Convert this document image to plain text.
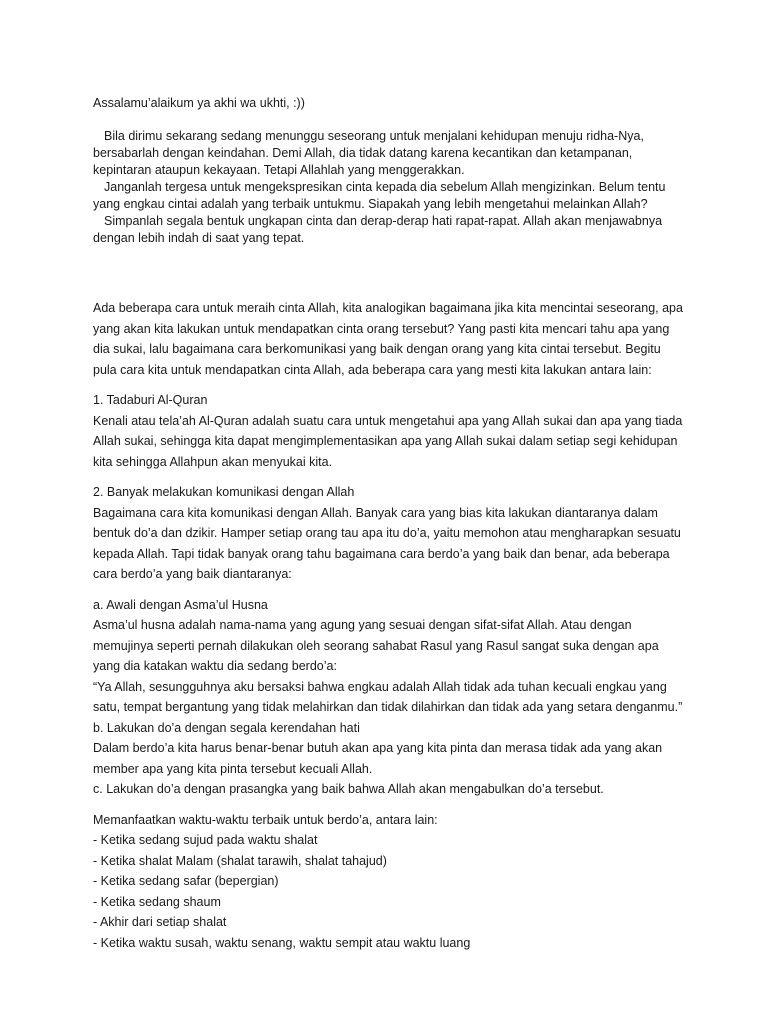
Assalamu’alaikum ya akhi wa ukhti, :))

Bila dirimu sekarang sedang menunggu seseorang untuk menjalani kehidupan menuju ridha-Nya, bersabarlah dengan keindahan. Demi Allah, dia tidak datang karena kecantikan dan ketampanan, kepintaran ataupun kekayaan. Tetapi Allahlah yang menggerakkan.

Janganlah tergesa untuk mengekspresikan cinta kepada dia sebelum Allah mengizinkan. Belum tentu yang engkau cintai adalah yang terbaik untukmu. Siapakah yang lebih mengetahui melainkan Allah?

Simpanlah segala bentuk ungkapan cinta dan derap-derap hati rapat-rapat. Allah akan menjawabnya dengan lebih indah di saat yang tepat.

Ada beberapa cara untuk meraih cinta Allah, kita analogikan bagaimana jika kita mencintai seseorang, apa yang akan kita lakukan untuk mendapatkan cinta orang tersebut? Yang pasti kita mencari tahu apa yang dia sukai, lalu bagaimana cara berkomunikasi yang baik dengan orang yang kita cintai tersebut. Begitu pula cara kita untuk mendapatkan cinta Allah, ada beberapa cara yang mesti kita lakukan antara lain:

1. Tadaburi Al-Quran

Kenali atau tela’ah Al-Quran adalah suatu cara untuk mengetahui apa yang Allah sukai dan apa yang tiada Allah sukai, sehingga kita dapat mengimplementasikan apa yang Allah sukai dalam setiap segi kehidupan kita sehingga Allahpun akan menyukai kita.

2. Banyak melakukan komunikasi dengan Allah

Bagaimana cara kita komunikasi dengan Allah. Banyak cara yang bias kita lakukan diantaranya dalam bentuk do’a dan dzikir. Hamper setiap orang tau apa itu do’a, yaitu memohon atau mengharapkan sesuatu kepada Allah. Tapi tidak banyak orang tahu bagaimana cara berdo’a yang baik dan benar, ada beberapa cara berdo’a yang baik diantaranya:

a. Awali dengan Asma’ul Husna

Asma’ul husna adalah nama-nama yang agung yang sesuai dengan sifat-sifat Allah. Atau dengan memujinya seperti pernah dilakukan oleh seorang sahabat Rasul yang Rasul sangat suka dengan apa yang dia katakan waktu dia sedang berdo’a:

“Ya Allah, sesungguhnya aku bersaksi bahwa engkau adalah Allah tidak ada tuhan kecuali engkau yang satu, tempat bergantung yang tidak melahirkan dan tidak dilahirkan dan tidak ada yang setara denganmu.”

b. Lakukan do’a dengan segala kerendahan hati

Dalam berdo’a kita harus benar-benar butuh akan apa yang kita pinta dan merasa tidak ada yang akan member apa yang kita pinta tersebut kecuali Allah.

c. Lakukan do’a dengan prasangka yang baik bahwa Allah akan mengabulkan do’a tersebut.

Memanfaatkan waktu-waktu terbaik untuk berdo’a, antara lain:

- Ketika sedang sujud pada waktu shalat

- Ketika shalat Malam (shalat tarawih, shalat tahajud)

- Ketika sedang safar (bepergian)

- Ketika sedang shaum

- Akhir dari setiap shalat

- Ketika waktu susah, waktu senang, waktu sempit atau waktu luang
